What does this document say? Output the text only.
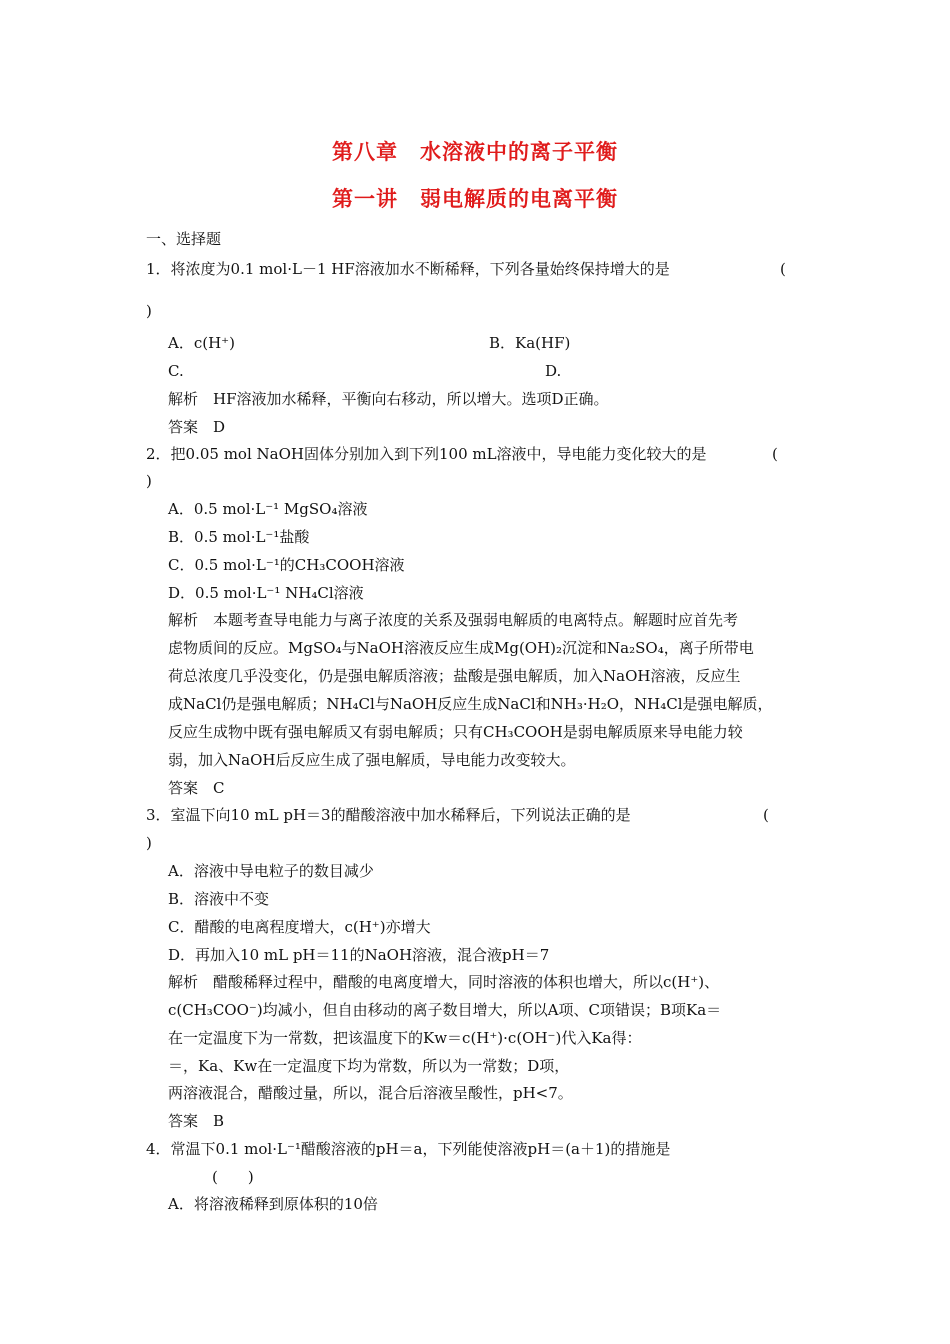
第八章　水溶液中的离子平衡
第一讲　弱电解质的电离平衡
一、选择题
1．将浓度为0.1 mol·L－1 HF溶液加水不断稀释，下列各量始终保持增大的是	(
)
A．c(H⁺)	B．Ka(HF)
C.	D.
解析　HF溶液加水稀释，平衡向右移动，所以增大。选项D正确。
答案　D
2．把0.05 mol NaOH固体分别加入到下列100 mL溶液中，导电能力变化较大的是	(
)
A．0.5 mol·L⁻¹ MgSO₄溶液
B．0.5 mol·L⁻¹盐酸
C．0.5 mol·L⁻¹的CH₃COOH溶液
D．0.5 mol·L⁻¹ NH₄Cl溶液
解析　本题考查导电能力与离子浓度的关系及强弱电解质的电离特点。解题时应首先考
虑物质间的反应。MgSO₄与NaOH溶液反应生成Mg(OH)₂沉淀和Na₂SO₄，离子所带电
荷总浓度几乎没变化，仍是强电解质溶液；盐酸是强电解质，加入NaOH溶液，反应生
成NaCl仍是强电解质；NH₄Cl与NaOH反应生成NaCl和NH₃·H₂O，NH₄Cl是强电解质，
反应生成物中既有强电解质又有弱电解质；只有CH₃COOH是弱电解质原来导电能力较
弱，加入NaOH后反应生成了强电解质，导电能力改变较大。
答案　C
3．室温下向10 mL pH＝3的醋酸溶液中加水稀释后，下列说法正确的是	(
)
A．溶液中导电粒子的数目减少
B．溶液中不变
C．醋酸的电离程度增大，c(H⁺)亦增大
D．再加入10 mL pH＝11的NaOH溶液，混合液pH＝7
解析　醋酸稀释过程中，醋酸的电离度增大，同时溶液的体积也增大，所以c(H⁺)、
c(CH₃COO⁻)均减小，但自由移动的离子数目增大，所以A项、C项错误；B项Ka＝
在一定温度下为一常数，把该温度下的Kw＝c(H⁺)·c(OH⁻)代入Ka得：
＝，Ka、Kw在一定温度下均为常数，所以为一常数；D项，
两溶液混合，醋酸过量，所以，混合后溶液呈酸性，pH<7。
答案　B
4．常温下0.1 mol·L⁻¹醋酸溶液的pH＝a，下列能使溶液pH＝(a＋1)的措施是
(　　)
A．将溶液稀释到原体积的10倍
